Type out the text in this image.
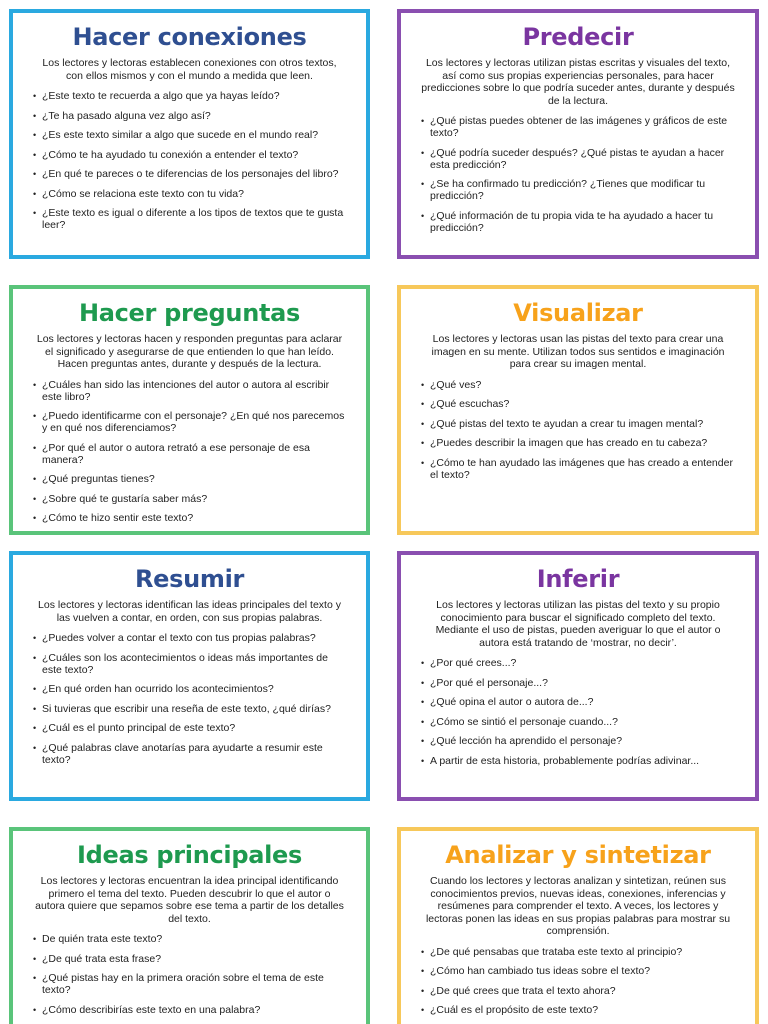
Hacer conexiones

Los lectores y lectoras establecen conexiones con otros textos, con ellos mismos y con el mundo a medida que leen.

• ¿Este texto te recuerda a algo que ya hayas leído?
• ¿Te ha pasado alguna vez algo así?
• ¿Es este texto similar a algo que sucede en el mundo real?
• ¿Cómo te ha ayudado tu conexión a entender el texto?
• ¿En qué te pareces o te diferencias de los personajes del libro?
• ¿Cómo se relaciona este texto con tu vida?
• ¿Este texto es igual o diferente a los tipos de textos que te gusta leer?
Predecir

Los lectores y lectoras utilizan pistas escritas y visuales del texto, así como sus propias experiencias personales, para hacer predicciones sobre lo que podría suceder antes, durante y después de la lectura.

• ¿Qué pistas puedes obtener de las imágenes y gráficos de este texto?
• ¿Qué podría suceder después? ¿Qué pistas te ayudan a hacer esta predicción?
• ¿Se ha confirmado tu predicción? ¿Tienes que modificar tu predicción?
• ¿Qué información de tu propia vida te ha ayudado a hacer tu predicción?
Hacer preguntas

Los lectores y lectoras hacen y responden preguntas para aclarar el significado y asegurarse de que entienden lo que han leído. Hacen preguntas antes, durante y después de la lectura.

• ¿Cuáles han sido las intenciones del autor o autora al escribir este libro?
• ¿Puedo identificarme con el personaje? ¿En qué nos parecemos y en qué nos diferenciamos?
• ¿Por qué el autor o autora retrató a ese personaje de esa manera?
• ¿Qué preguntas tienes?
• ¿Sobre qué te gustaría saber más?
• ¿Cómo te hizo sentir este texto?
Visualizar

Los lectores y lectoras usan las pistas del texto para crear una imagen en su mente. Utilizan todos sus sentidos e imaginación para crear su imagen mental.

• ¿Qué ves?
• ¿Qué escuchas?
• ¿Qué pistas del texto te ayudan a crear tu imagen mental?
• ¿Puedes describir la imagen que has creado en tu cabeza?
• ¿Cómo te han ayudado las imágenes que has creado a entender el texto?
Resumir

Los lectores y lectoras identifican las ideas principales del texto y las vuelven a contar, en orden, con sus propias palabras.

• ¿Puedes volver a contar el texto con tus propias palabras?
• ¿Cuáles son los acontecimientos o ideas más importantes de este texto?
• ¿En qué orden han ocurrido los acontecimientos?
• Si tuvieras que escribir una reseña de este texto, ¿qué dirías?
• ¿Cuál es el punto principal de este texto?
• ¿Qué palabras clave anotarías para ayudarte a resumir este texto?
Inferir

Los lectores y lectoras utilizan las pistas del texto y su propio conocimiento para buscar el significado completo del texto. Mediante el uso de pistas, pueden averiguar lo que el autor o autora está tratando de ‘mostrar, no decir’.

• ¿Por qué crees...?
• ¿Por qué el personaje...?
• ¿Qué opina el autor o autora de...?
• ¿Cómo se sintió el personaje cuando...?
• ¿Qué lección ha aprendido el personaje?
• A partir de esta historia, probablemente podrías adivinar...
Ideas principales

Los lectores y lectoras encuentran la idea principal identificando primero el tema del texto. Pueden descubrir lo que el autor o autora quiere que sepamos sobre ese tema a partir de los detalles del texto.

• De quién trata este texto?
• ¿De qué trata esta frase?
• ¿Qué pistas hay en la primera oración sobre el tema de este texto?
• ¿Cómo describirías este texto en una palabra?
Analizar y sintetizar

Cuando los lectores y lectoras analizan y sintetizan, reúnen sus conocimientos previos, nuevas ideas, conexiones, inferencias y resúmenes para comprender el texto. A veces, los lectores y lectoras ponen las ideas en sus propias palabras para mostrar su comprensión.

• ¿De qué pensabas que trataba este texto al principio?
• ¿Cómo han cambiado tus ideas sobre el texto?
• ¿De qué crees que trata el texto ahora?
• ¿Cuál es el propósito de este texto?
